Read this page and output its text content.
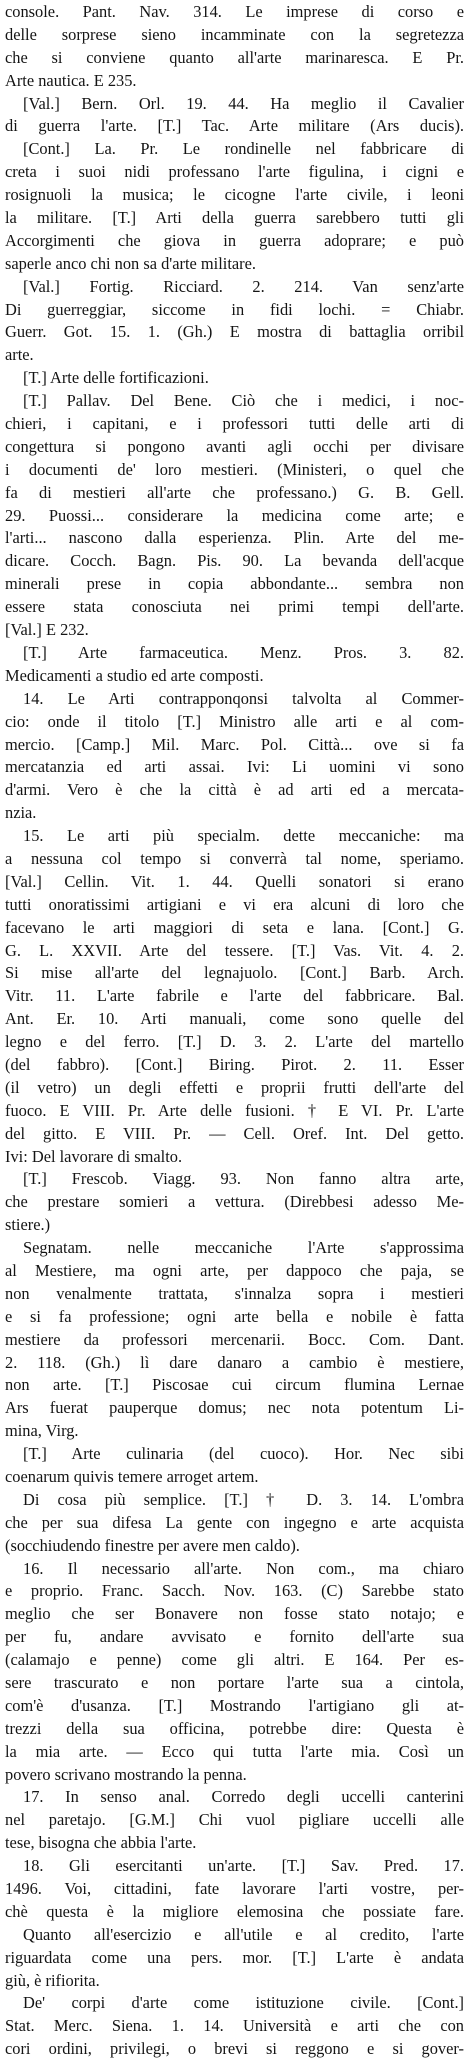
console. Pant. Nav. 314. Le imprese di corso e
delle sorprese sieno incamminate con la segretezza
che si conviene quanto all'arte marinaresca. E Pr.
Arte nautica. E 235.
[Val.] Bern. Orl. 19. 44. Ha meglio il Cavalier
di guerra l'arte. [T.] Tac. Arte militare (Ars ducis).
[Cont.] La. Pr. Le rondinelle nel fabbricare di
creta i suoi nidi professano l'arte figulina, i cigni e
rosignuoli la musica; le cicogne l'arte civile, i leoni
la militare. [T.] Arti della guerra sarebbero tutti gli
Accorgimenti che giova in guerra adoprare; e può
saperle anco chi non sa d'arte militare.
[Val.] Fortig. Ricciard. 2. 214. Van senz'arte
Di guerreggiar, siccome in fidi lochi. = Chiabr.
Guerr. Got. 15. 1. (Gh.) E mostra di battaglia orribil
arte.
[T.] Arte delle fortificazioni.
[T.] Pallav. Del Bene. Ciò che i medici, i noc-
chieri, i capitani, e i professori tutti delle arti di
congettura si pongono avanti agli occhi per divisare
i documenti de' loro mestieri. (Ministeri, o quel che
fa di mestieri all'arte che professano.) G. B. Gell.
29. Puossi... considerare la medicina come arte; e
l'arti... nascono dalla esperienza. Plin. Arte del me-
dicare. Cocch. Bagn. Pis. 90. La bevanda dell'acque
minerali prese in copia abbondante... sembra non
essere stata conosciuta nei primi tempi dell'arte.
[Val.] E 232.
[T.] Arte farmaceutica. Menz. Pros. 3. 82.
Medicamenti a studio ed arte composti.
14. Le Arti contrapponqonsi talvolta al Commer-
cio: onde il titolo [T.] Ministro alle arti e al com-
mercio. [Camp.] Mil. Marc. Pol. Città... ove si fa
mercatanzia ed arti assai. Ivi: Li uomini vi sono
d'armi. Vero è che la città è ad arti ed a mercata-
nzia.
15. Le arti più specialm. dette meccaniche: ma
a nessuna col tempo si converrà tal nome, speriamo.
[Val.] Cellin. Vit. 1. 44. Quelli sonatori si erano
tutti onoratissimi artigiani e vi era alcuni di loro che
facevano le arti maggiori di seta e lana. [Cont.] G.
G. L. XXVII. Arte del tessere. [T.] Vas. Vit. 4. 2.
Si mise all'arte del legnajuolo. [Cont.] Barb. Arch.
Vitr. 11. L'arte fabrile e l'arte del fabbricare. Bal.
Ant. Er. 10. Arti manuali, come sono quelle del
legno e del ferro. [T.] D. 3. 2. L'arte del martello
(del fabbro). [Cont.] Biring. Pirot. 2. 11. Esser
(il vetro) un degli effetti e proprii frutti dell'arte del
fuoco. E VIII. Pr. Arte delle fusioni. † E VI. Pr. L'arte
del gitto. E VIII. Pr. — Cell. Oref. Int. Del getto.
Ivi: Del lavorare di smalto.
[T.] Frescob. Viagg. 93. Non fanno altra arte,
che prestare somieri a vettura. (Direbbesi adesso Me-
stiere.)
Segnatam. nelle meccaniche l'Arte s'approssima
al Mestiere, ma ogni arte, per dappoco che paja, se
non venalmente trattata, s'innalza sopra i mestieri
e si fa professione; ogni arte bella e nobile è fatta
mestiere da professori mercenarii. Bocc. Com. Dant.
2. 118. (Gh.) lì dare danaro a cambio è mestiere,
non arte. [T.] Piscosae cui circum flumina Lernae
Ars fuerat pauperque domus; nec nota potentum Li-
mina, Virg.
[T.] Arte culinaria (del cuoco). Hor. Nec sibi
coenarum quivis temere arroget artem.
Di cosa più semplice. [T.] † D. 3. 14. L'ombra
che per sua difesa La gente con ingegno e arte acquista
(socchiudendo finestre per avere men caldo).
16. Il necessario all'arte. Non com., ma chiaro
e proprio. Franc. Sacch. Nov. 163. (C) Sarebbe stato
meglio che ser Bonavere non fosse stato notajo; e
per fu, andare avvisato e fornito dell'arte sua
(calamajo e penne) come gli altri. E 164. Per es-
sere trascurato e non portare l'arte sua a cintola,
com'è d'usanza. [T.] Mostrando l'artigiano gli at-
trezzi della sua officina, potrebbe dire: Questa è
la mia arte. — Ecco qui tutta l'arte mia. Così un
povero scrivano mostrando la penna.
17. In senso anal. Corredo degli uccelli canterini
nel paretajo. [G.M.] Chi vuol pigliare uccelli alle
tese, bisogna che abbia l'arte.
18. Gli esercitanti un'arte. [T.] Sav. Pred. 17.
1496. Voi, cittadini, fate lavorare l'arti vostre, per-
chè questa è la migliore elemosina che possiate fare.
Quanto all'esercizio e all'utile e al credito, l'arte
riguardata come una pers. mor. [T.] L'arte è andata
giù, è rifiorita.
De' corpi d'arte come istituzione civile. [Cont.]
Stat. Merc. Siena. 1. 14. Università e arti che con
cori ordini, privilegi, o brevi si reggono e si gover-
